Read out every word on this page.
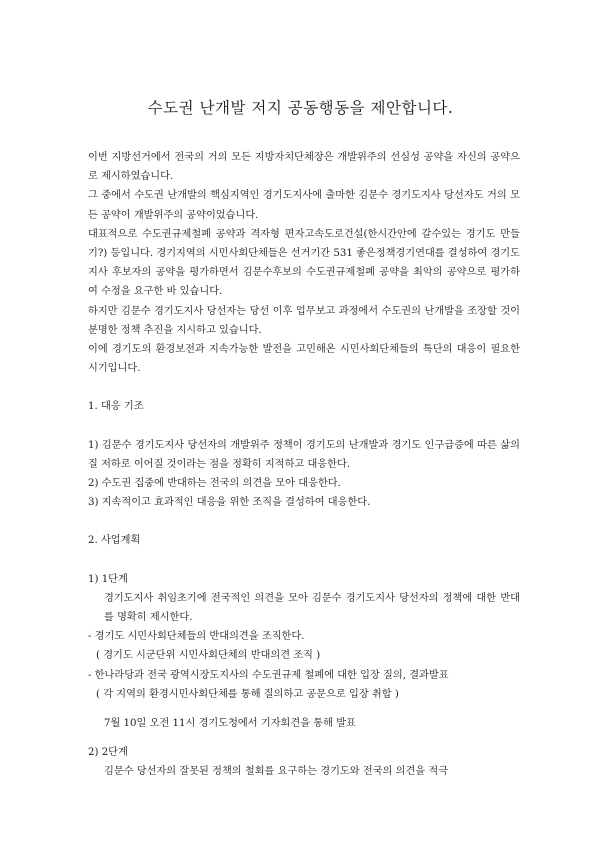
수도권 난개발 저지 공동행동을 제안합니다.

이번 지방선거에서 전국의 거의 모든 지방자치단체장은 개발위주의 선심성 공약을 자신의 공약으로 제시하였습니다.

그 중에서 수도권 난개발의 핵심지역인 경기도지사에 출마한 김문수 경기도지사 당선자도 거의 모든 공약이 개발위주의 공약이었습니다.

대표적으로 수도권규제철폐 공약과 격자형 편자고속도로건설(한시간안에 갈수있는 경기도 만들기?) 등입니다. 경기지역의 시민사회단체들은 선거기간 531 좋은정책경기연대를 결성하여 경기도지사 후보자의 공약을 평가하면서 김문수후보의 수도권규제철폐 공약을 최악의 공약으로 평가하여 수정을 요구한 바 있습니다.

하지만 김문수 경기도지사 당선자는 당선 이후 업무보고 과정에서 수도권의 난개발을 조장할 것이 분명한 정책 추진을 지시하고 있습니다.

이에 경기도의 환경보전과 지속가능한 발전을 고민해온 시민사회단체들의 특단의 대응이 필요한 시기입니다.

1. 대응 기조

1) 김문수 경기도지사 당선자의 개발위주 정책이 경기도의 난개발과 경기도 인구급증에 따른 삶의 질 저하로 이어질 것이라는 점을 정확히 지적하고 대응한다.

2) 수도권 집중에 반대하는 전국의 의견을 모아 대응한다.

3) 지속적이고 효과적인 대응을 위한 조직을 결성하여 대응한다.

2. 사업계획

1) 1단계

경기도지사 취임초기에 전국적인 의견을 모아 김문수 경기도지사 당선자의 정책에 대한 반대를 명확히 제시한다.

- 경기도 시민사회단체들의 반대의견을 조직한다.

( 경기도 시군단위 시민사회단체의 반대의견 조직 )

- 한나라당과 전국 광역시장도지사의 수도권규제 철폐에 대한 입장 질의, 결과발표

( 각 지역의 환경시민사회단체를 통해 질의하고 공문으로 입장 취합 )

7월 10일 오전 11시 경기도청에서 기자회견을 통해 발표

2) 2단계

김문수 당선자의 잘못된 정책의 철회를 요구하는 경기도와 전국의 의견을 적극
